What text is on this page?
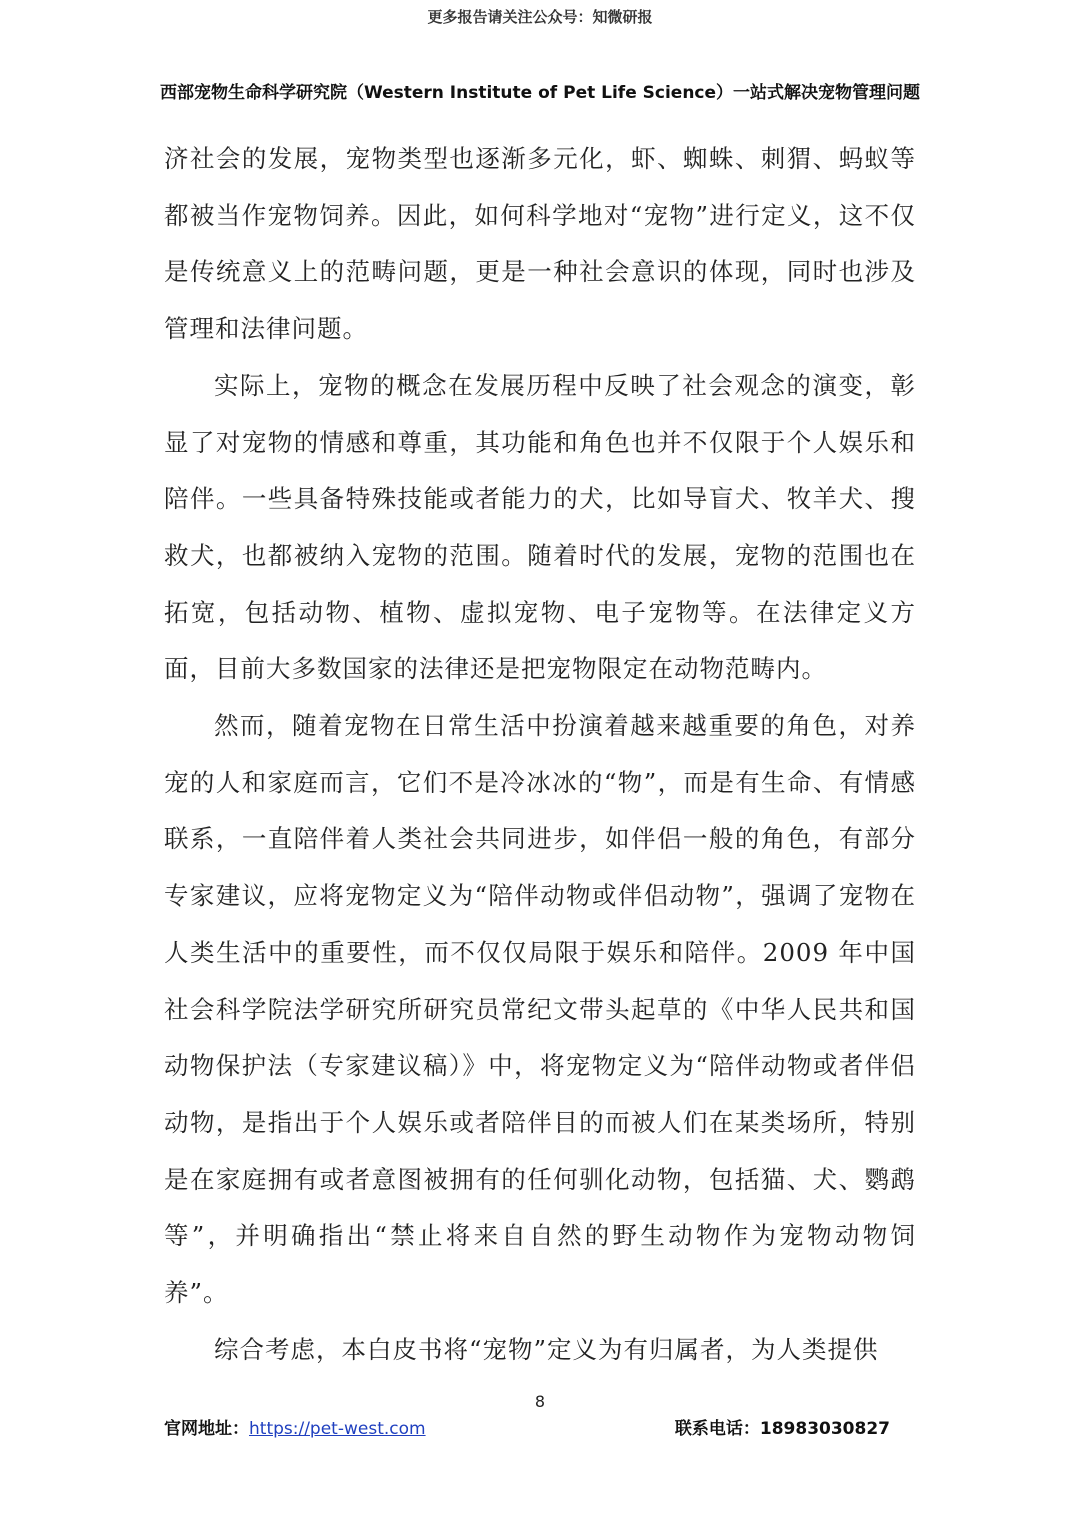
更多报告请关注公众号：知微研报
西部宠物生命科学研究院（Western Institute of Pet Life Science）一站式解决宠物管理问题

济社会的发展，宠物类型也逐渐多元化，虾、蜘蛛、刺猬、蚂蚁等都被当作宠物饲养。因此，如何科学地对“宠物”进行定义，这不仅是传统意义上的范畴问题，更是一种社会意识的体现，同时也涉及管理和法律问题。

实际上，宠物的概念在发展历程中反映了社会观念的演变，彰显了对宠物的情感和尊重，其功能和角色也并不仅限于个人娱乐和陪伴。一些具备特殊技能或者能力的犬，比如导盲犬、牧羊犬、搜救犬，也都被纳入宠物的范围。随着时代的发展，宠物的范围也在拓宽，包括动物、植物、虚拟宠物、电子宠物等。在法律定义方面，目前大多数国家的法律还是把宠物限定在动物范畴内。

然而，随着宠物在日常生活中扮演着越来越重要的角色，对养宠的人和家庭而言，它们不是冷冰冰的“物”，而是有生命、有情感联系，一直陪伴着人类社会共同进步，如伴侣一般的角色，有部分专家建议，应将宠物定义为“陪伴动物或伴侣动物”，强调了宠物在人类生活中的重要性，而不仅仅局限于娱乐和陪伴。2009 年中国社会科学院法学研究所研究员常纪文带头起草的《中华人民共和国动物保护法（专家建议稿）》中，将宠物定义为“陪伴动物或者伴侣动物，是指出于个人娱乐或者陪伴目的而被人们在某类场所，特别是在家庭拥有或者意图被拥有的任何驯化动物，包括猫、犬、鹦鹉等”，并明确指出“禁止将来自自然的野生动物作为宠物动物饲养”。

综合考虑，本白皮书将“宠物”定义为有归属者，为人类提供

8
官网地址：https://pet-west.com	联系电话：18983030827
